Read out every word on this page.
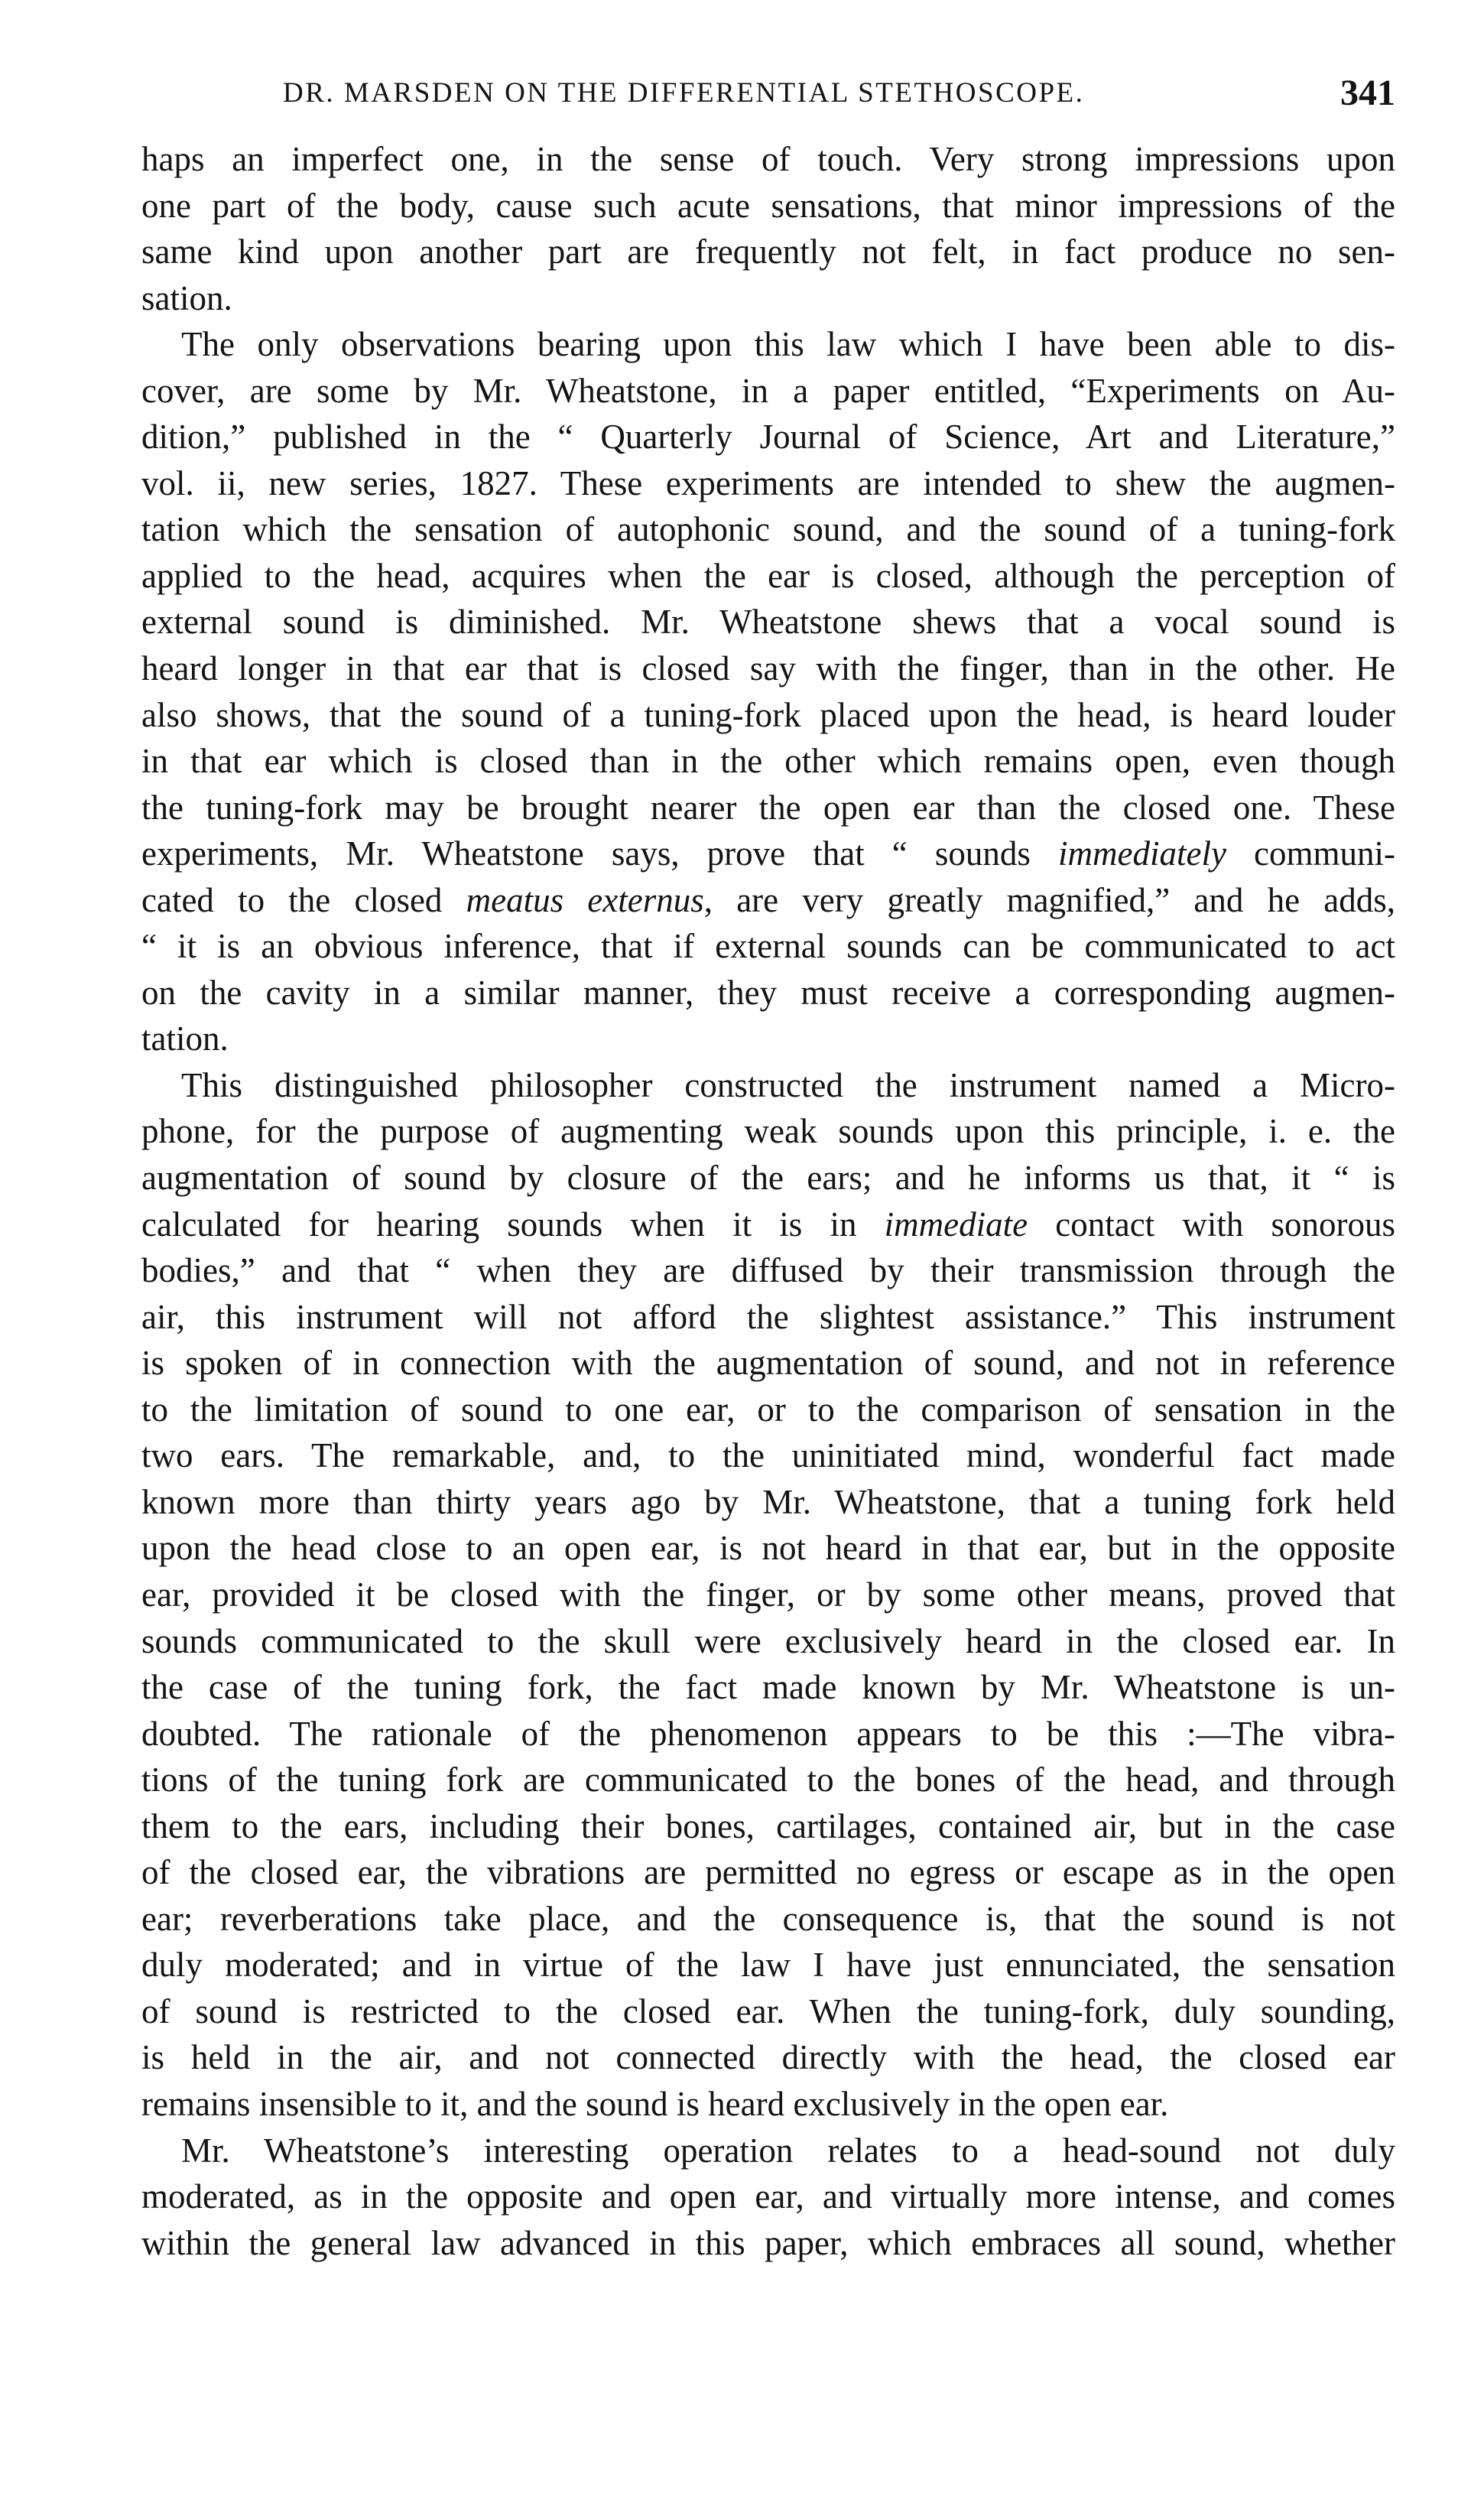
DR. MARSDEN ON THE DIFFERENTIAL STETHOSCOPE.	341
haps an imperfect one, in the sense of touch. Very strong impressions upon
one part of the body, cause such acute sensations, that minor impressions of the
same kind upon another part are frequently not felt, in fact produce no sen-
sation.
The only observations bearing upon this law which I have been able to dis-
cover, are some by Mr. Wheatstone, in a paper entitled, “Experiments on Au-
dition,” published in the “ Quarterly Journal of Science, Art and Literature,”
vol. ii, new series, 1827. These experiments are intended to shew the augmen-
tation which the sensation of autophonic sound, and the sound of a tuning-fork
applied to the head, acquires when the ear is closed, although the perception of
external sound is diminished. Mr. Wheatstone shews that a vocal sound is
heard longer in that ear that is closed say with the finger, than in the other. He
also shows, that the sound of a tuning-fork placed upon the head, is heard louder
in that ear which is closed than in the other which remains open, even though
the tuning-fork may be brought nearer the open ear than the closed one. These
experiments, Mr. Wheatstone says, prove that “ sounds immediately communi-
cated to the closed meatus externus, are very greatly magnified,” and he adds,
“ it is an obvious inference, that if external sounds can be communicated to act
on the cavity in a similar manner, they must receive a corresponding augmen-
tation.
This distinguished philosopher constructed the instrument named a Micro-
phone, for the purpose of augmenting weak sounds upon this principle, i. e. the
augmentation of sound by closure of the ears; and he informs us that, it “ is
calculated for hearing sounds when it is in immediate contact with sonorous
bodies,” and that “ when they are diffused by their transmission through the
air, this instrument will not afford the slightest assistance.” This instrument
is spoken of in connection with the augmentation of sound, and not in reference
to the limitation of sound to one ear, or to the comparison of sensation in the
two ears. The remarkable, and, to the uninitiated mind, wonderful fact made
known more than thirty years ago by Mr. Wheatstone, that a tuning fork held
upon the head close to an open ear, is not heard in that ear, but in the opposite
ear, provided it be closed with the finger, or by some other means, proved that
sounds communicated to the skull were exclusively heard in the closed ear. In
the case of the tuning fork, the fact made known by Mr. Wheatstone is un-
doubted. The rationale of the phenomenon appears to be this :—The vibra-
tions of the tuning fork are communicated to the bones of the head, and through
them to the ears, including their bones, cartilages, contained air, but in the case
of the closed ear, the vibrations are permitted no egress or escape as in the open
ear; reverberations take place, and the consequence is, that the sound is not
duly moderated; and in virtue of the law I have just ennunciated, the sensation
of sound is restricted to the closed ear. When the tuning-fork, duly sounding,
is held in the air, and not connected directly with the head, the closed ear
remains insensible to it, and the sound is heard exclusively in the open ear.
Mr. Wheatstone’s interesting operation relates to a head-sound not duly
moderated, as in the opposite and open ear, and virtually more intense, and comes
within the general law advanced in this paper, which embraces all sound, whether
